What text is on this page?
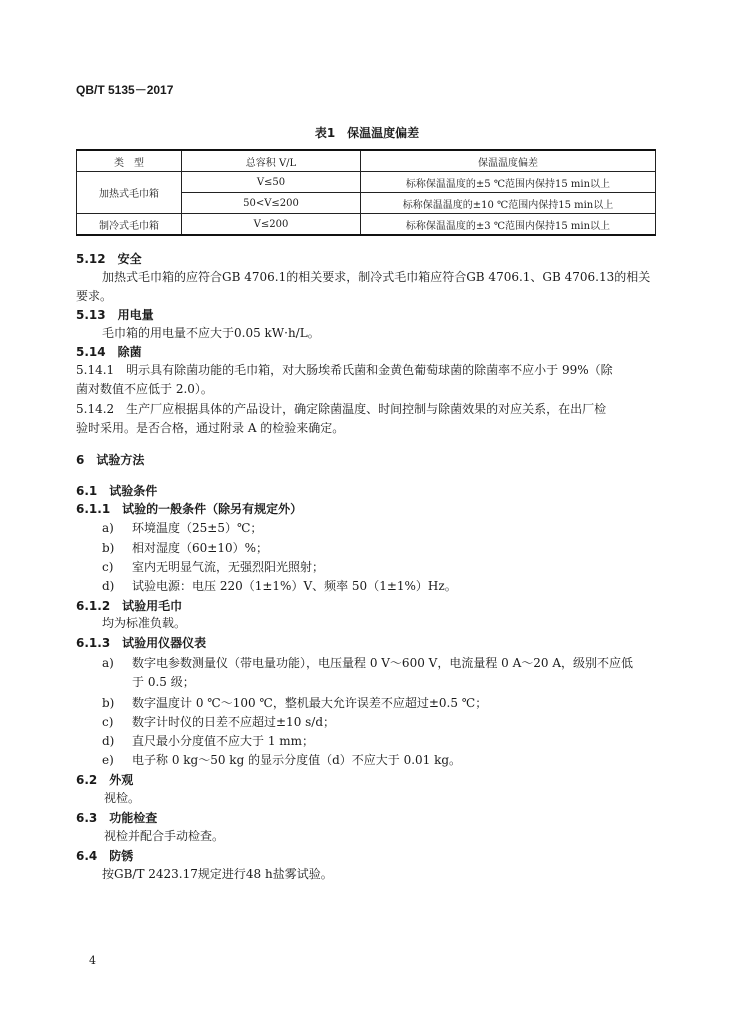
QB/T 5135－2017
表1　保温温度偏差
类　型	总容积 V/L	保温温度偏差
加热式毛巾箱	V≤50	标称保温温度的±5 ℃范围内保持15 min以上
	50<V≤200	标称保温温度的±10 ℃范围内保持15 min以上
制冷式毛巾箱	V≤200	标称保温温度的±3 ℃范围内保持15 min以上
5.12　安全
加热式毛巾箱的应符合GB 4706.1的相关要求，制冷式毛巾箱应符合GB 4706.1、GB 4706.13的相关
要求。
5.13　用电量
毛巾箱的用电量不应大于0.05 kW·h/L。
5.14　除菌
5.14.1　明示具有除菌功能的毛巾箱，对大肠埃希氏菌和金黄色葡萄球菌的除菌率不应小于 99%（除
菌对数值不应低于 2.0）。
5.14.2　生产厂应根据具体的产品设计，确定除菌温度、时间控制与除菌效果的对应关系，在出厂检
验时采用。是否合格，通过附录 A 的检验来确定。
6　试验方法
6.1　试验条件
6.1.1　试验的一般条件（除另有规定外）
a) 环境温度（25±5）℃；
b) 相对湿度（60±10）%；
c) 室内无明显气流，无强烈阳光照射；
d) 试验电源：电压 220（1±1%）V、频率 50（1±1%）Hz。
6.1.2　试验用毛巾
均为标准负载。
6.1.3　试验用仪器仪表
a) 数字电参数测量仪（带电量功能），电压量程 0 V～600 V，电流量程 0 A～20 A，级别不应低
于 0.5 级；
b) 数字温度计 0 ℃～100 ℃，整机最大允许误差不应超过±0.5 ℃；
c) 数字计时仪的日差不应超过±10 s/d；
d) 直尺最小分度值不应大于 1 mm；
e) 电子称 0 kg～50 kg 的显示分度值（d）不应大于 0.01 kg。
6.2　外观
视检。
6.3　功能检查
视检并配合手动检查。
6.4　防锈
按GB/T 2423.17规定进行48 h盐雾试验。
4
